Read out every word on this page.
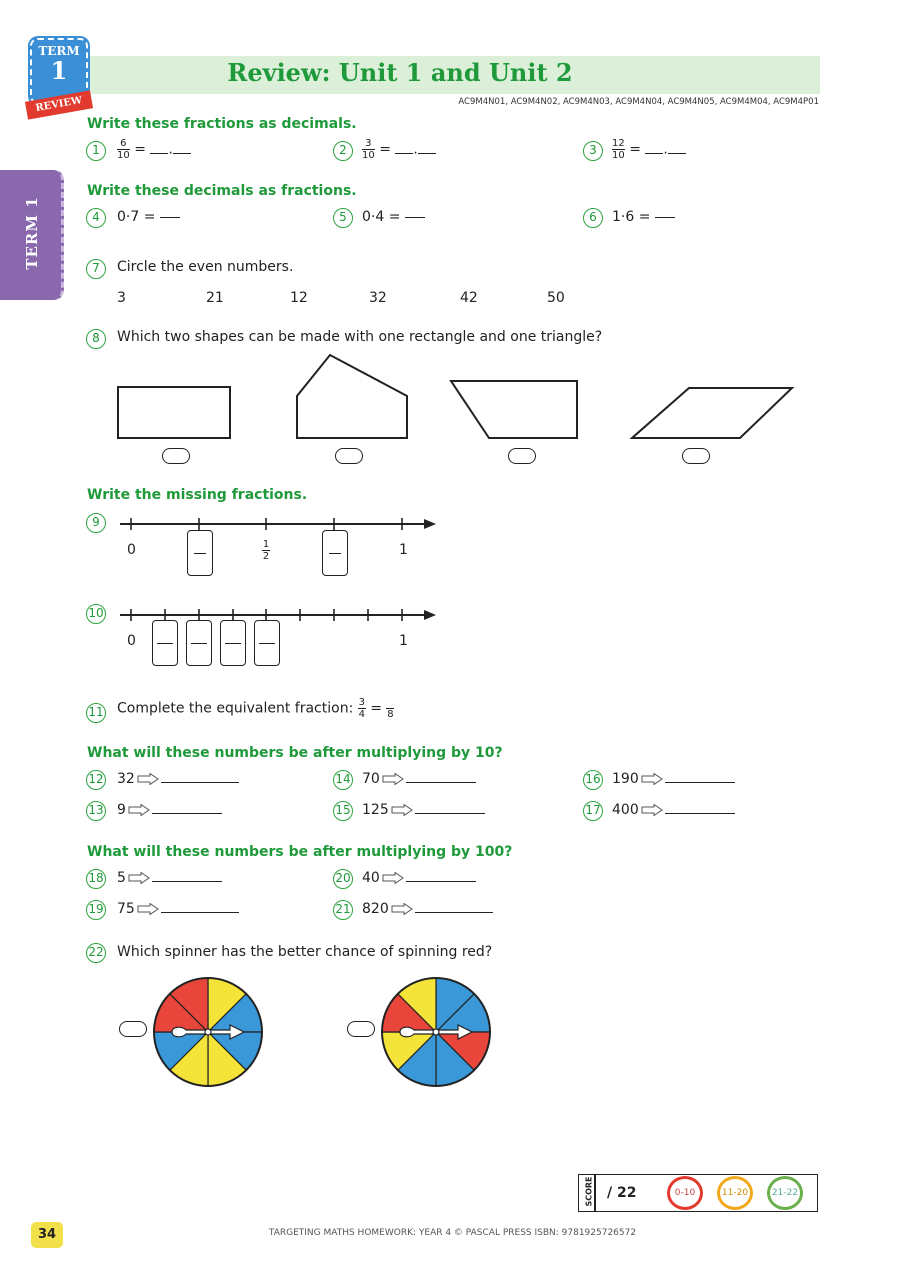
Review: Unit 1 and Unit 2
AC9M4N01, AC9M4N02, AC9M4N03, AC9M4N04, AC9M4N05, AC9M4M04, AC9M4P01
TERM
1
REVIEW
TERM 1
Write these fractions as decimals.
1	$\frac{6}{10}$ = .	2	$\frac{3}{10}$ = .	3	$\frac{12}{10}$ = .
Write these decimals as fractions.
4	0·7 =	5	0·4 =	6	1·6 =
7	Circle the even numbers.
3	21	12	32	42	50
8	Which two shapes can be made with one rectangle and one triangle?
Write the missing fractions.
9
0	$\frac{1}{2}$	1
10
0	1
11 Complete the equivalent fraction: $\frac{3}{4} = 8$
What will these numbers be after multiplying by 10?
12 32
13 9
14 70
15 125
16 190
17 400
What will these numbers be after multiplying by 100?
18 5
19 75
20 40
21 820
22 Which spinner has the better chance of spinning red?
SCORE / 22	0-10	11-20	21-22
34	TARGETING MATHS HOMEWORK: YEAR 4 © PASCAL PRESS ISBN: 9781925726572
